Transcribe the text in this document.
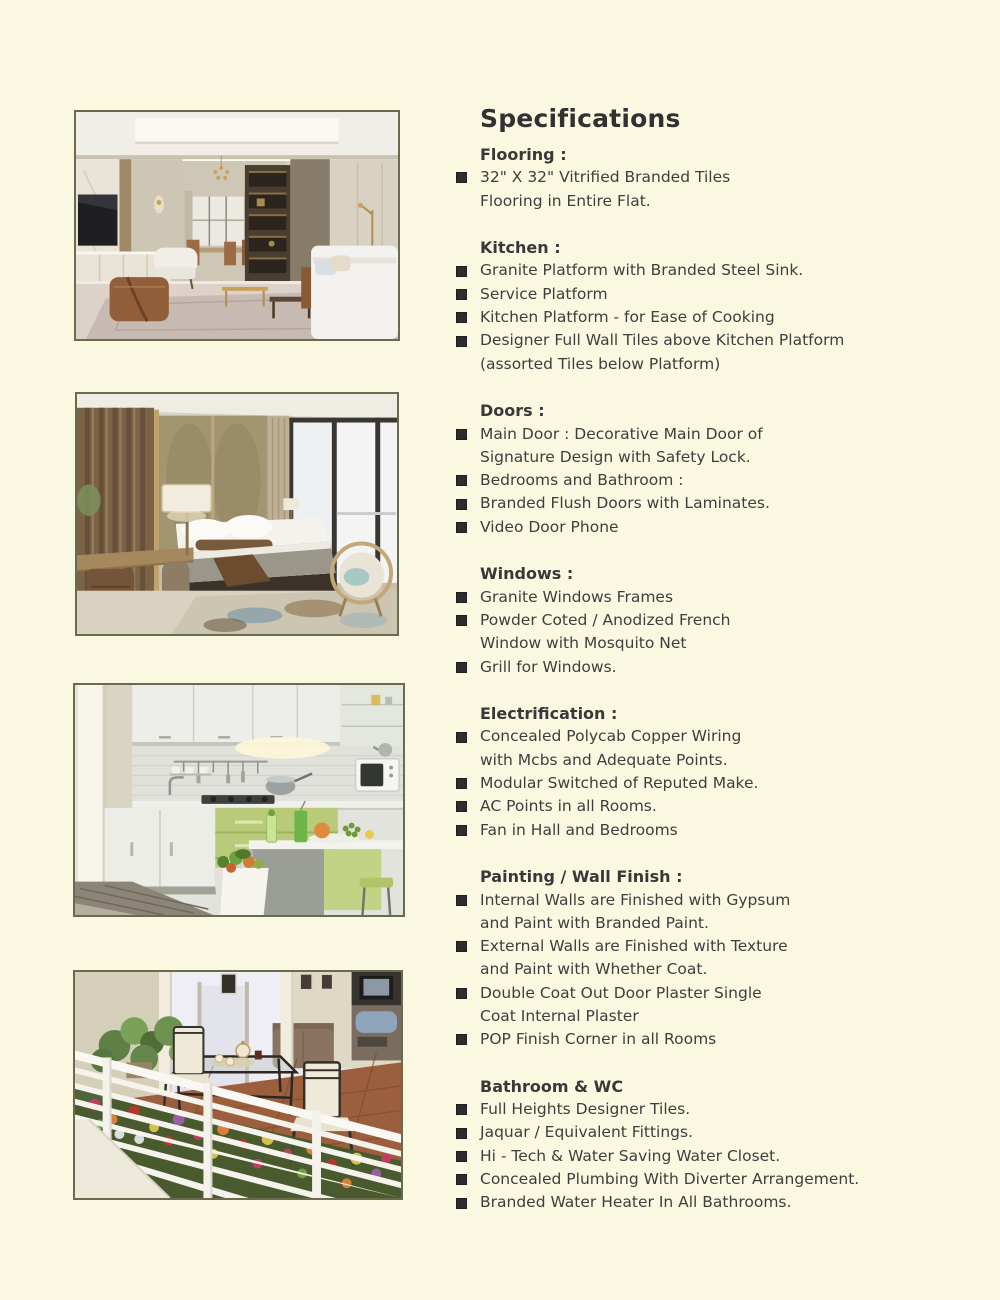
Specifications
Flooring :
32" X 32" Vitrified Branded Tiles
Flooring in Entire Flat.
Kitchen :
Granite Platform with Branded Steel Sink.
Service Platform
Kitchen Platform - for Ease of Cooking
Designer Full Wall Tiles above Kitchen Platform
(assorted Tiles below Platform)
Doors :
Main Door : Decorative Main Door of
Signature Design with Safety Lock.
Bedrooms and Bathroom :
Branded Flush Doors with Laminates.
Video Door Phone
Windows :
Granite Windows Frames
Powder Coted / Anodized French
Window with Mosquito Net
Grill for Windows.
Electrification :
Concealed Polycab Copper Wiring
with Mcbs and Adequate Points.
Modular Switched of Reputed Make.
AC Points in all Rooms.
Fan in Hall and Bedrooms
Painting / Wall Finish :
Internal Walls are Finished with Gypsum
and Paint with Branded Paint.
External Walls are Finished with Texture
and Paint with Whether Coat.
Double Coat Out Door Plaster Single
Coat Internal Plaster
POP Finish Corner in all Rooms
Bathroom & WC
Full Heights Designer Tiles.
Jaquar / Equivalent Fittings.
Hi - Tech & Water Saving Water Closet.
Concealed Plumbing With Diverter Arrangement.
Branded Water Heater In All Bathrooms.
